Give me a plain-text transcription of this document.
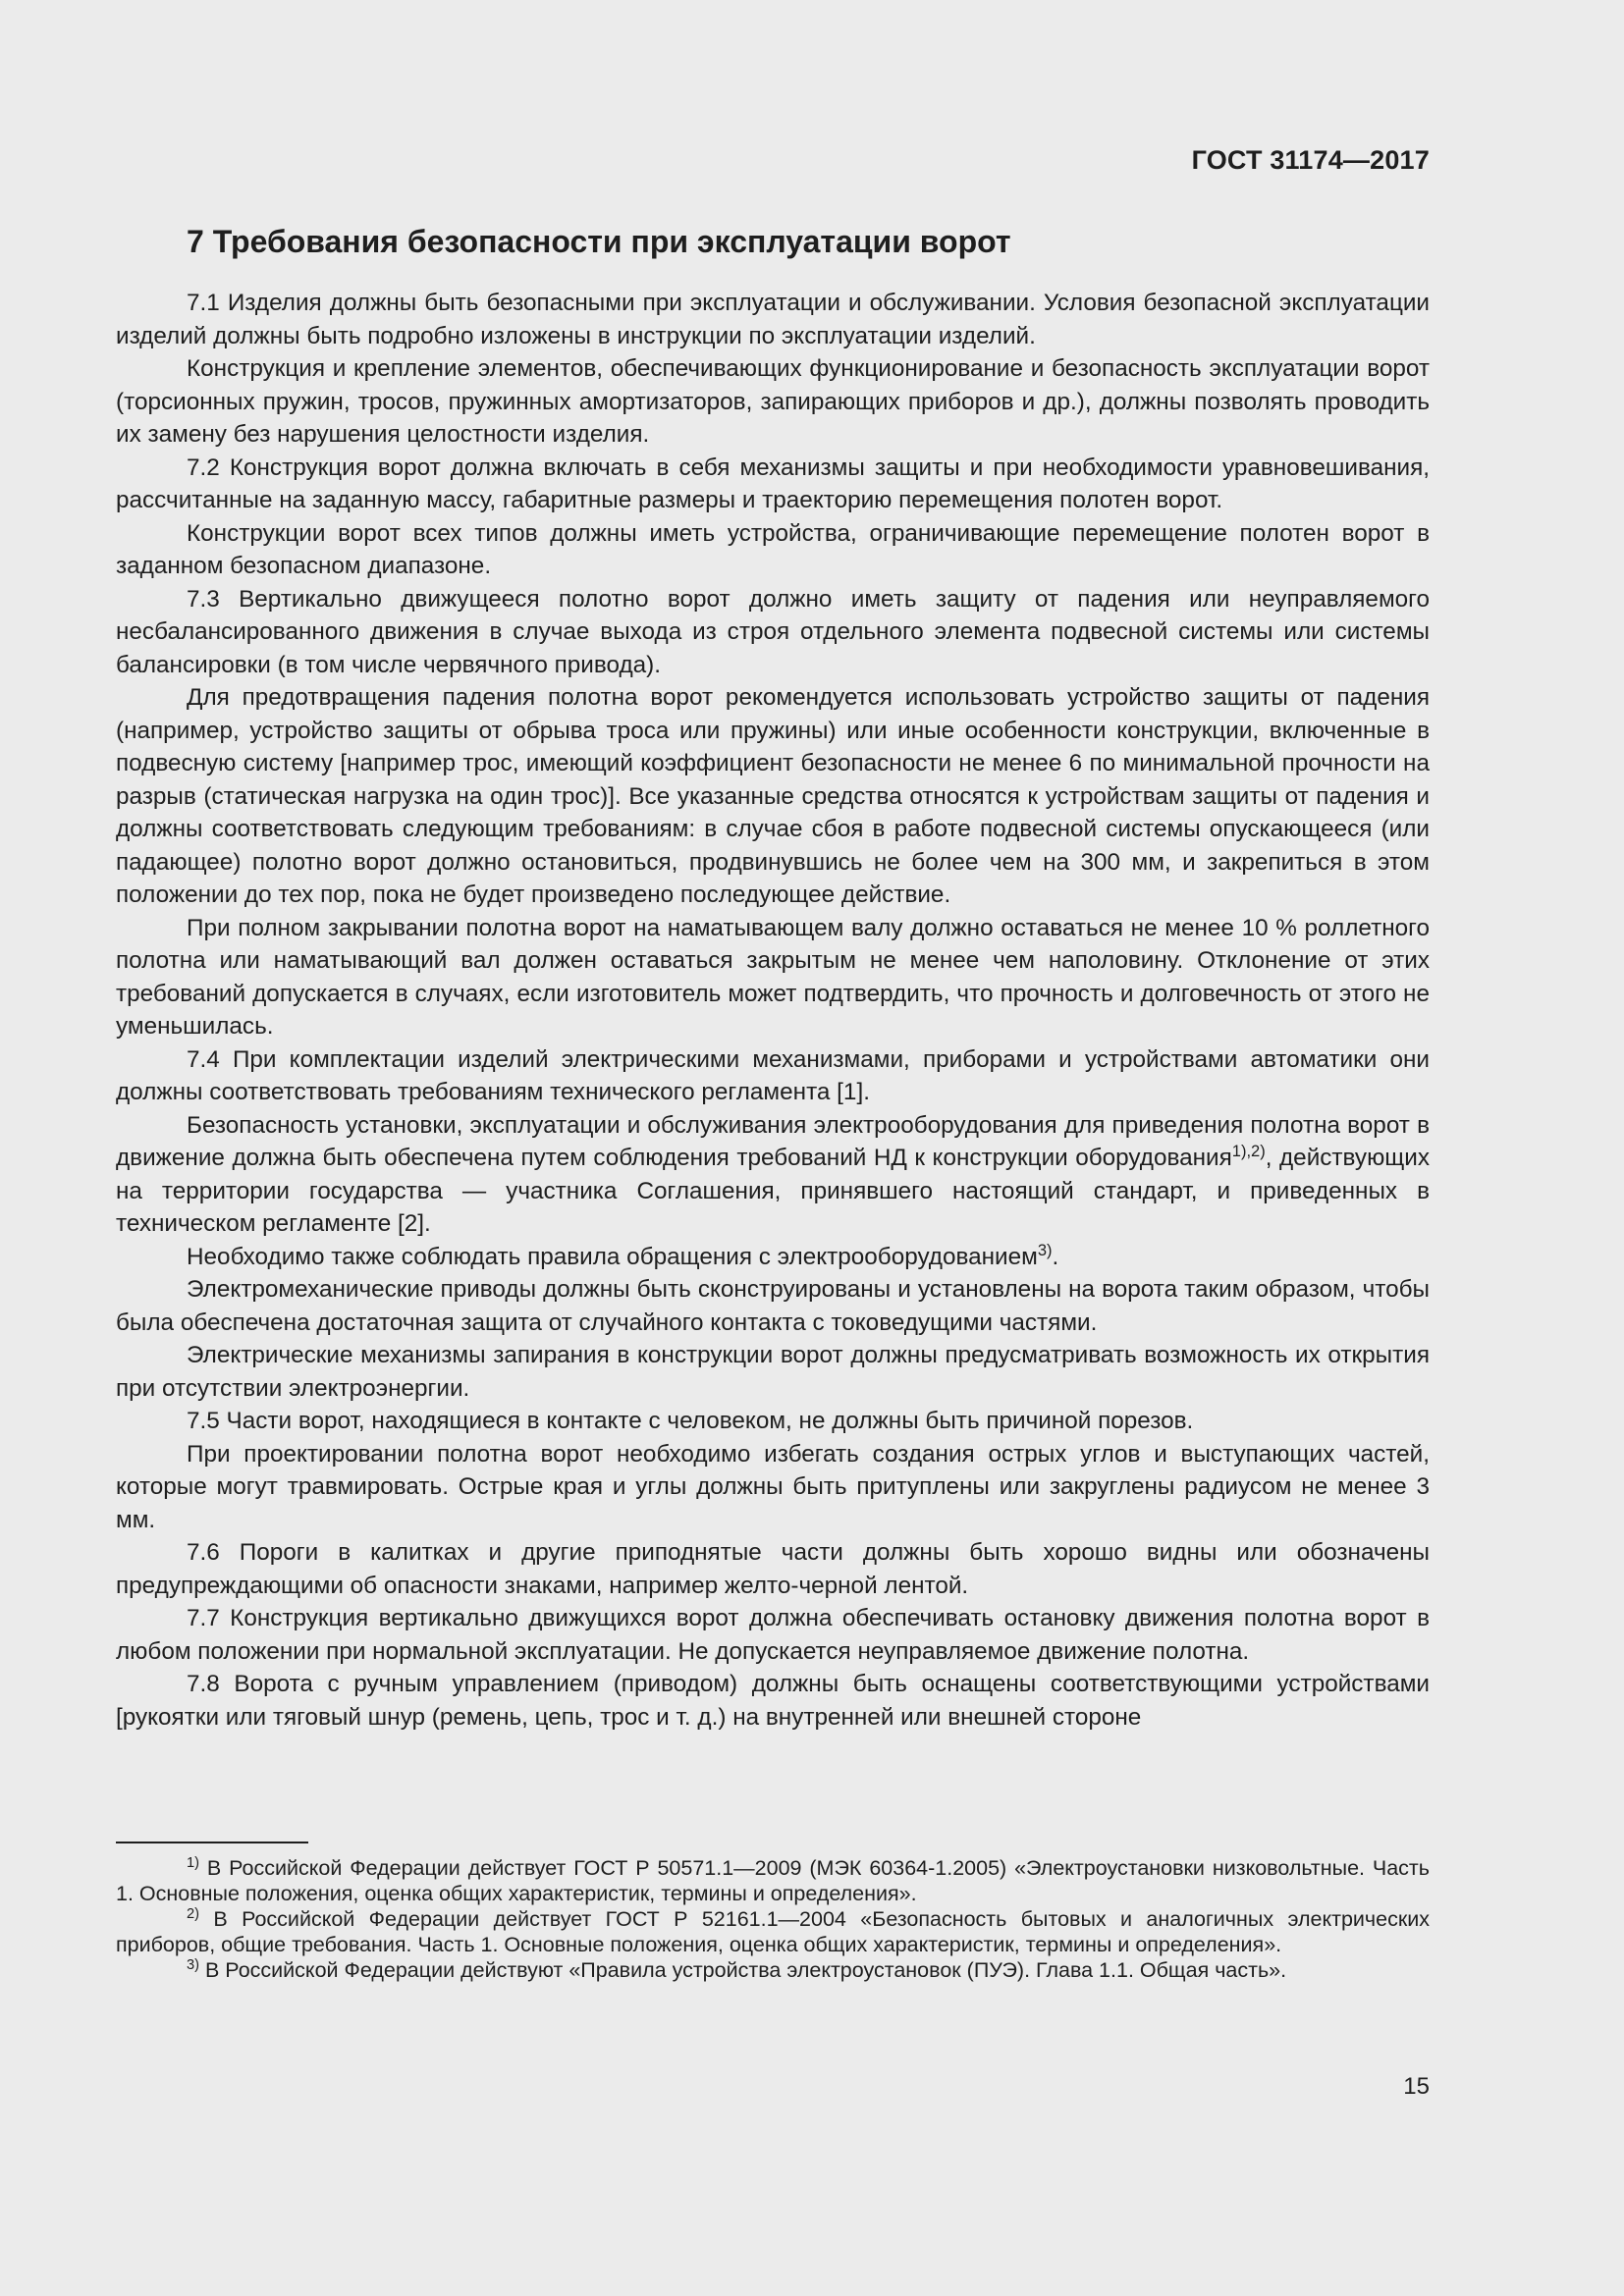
ГОСТ 31174—2017
7 Требования безопасности при эксплуатации ворот

7.1 Изделия должны быть безопасными при эксплуатации и обслуживании. Условия безопасной эксплуатации изделий должны быть подробно изложены в инструкции по эксплуатации изделий.

Конструкция и крепление элементов, обеспечивающих функционирование и безопасность эксплуатации ворот (торсионных пружин, тросов, пружинных амортизаторов, запирающих приборов и др.), должны позволять проводить их замену без нарушения целостности изделия.

7.2 Конструкция ворот должна включать в себя механизмы защиты и при необходимости уравновешивания, рассчитанные на заданную массу, габаритные размеры и траекторию перемещения полотен ворот.

Конструкции ворот всех типов должны иметь устройства, ограничивающие перемещение полотен ворот в заданном безопасном диапазоне.

7.3 Вертикально движущееся полотно ворот должно иметь защиту от падения или неуправляемого несбалансированного движения в случае выхода из строя отдельного элемента подвесной системы или системы балансировки (в том числе червячного привода).

Для предотвращения падения полотна ворот рекомендуется использовать устройство защиты от падения (например, устройство защиты от обрыва троса или пружины) или иные особенности конструкции, включенные в подвесную систему [например трос, имеющий коэффициент безопасности не менее 6 по минимальной прочности на разрыв (статическая нагрузка на один трос)]. Все указанные средства относятся к устройствам защиты от падения и должны соответствовать следующим требованиям: в случае сбоя в работе подвесной системы опускающееся (или падающее) полотно ворот должно остановиться, продвинувшись не более чем на 300 мм, и закрепиться в этом положении до тех пор, пока не будет произведено последующее действие.

При полном закрывании полотна ворот на наматывающем валу должно оставаться не менее 10 % роллетного полотна или наматывающий вал должен оставаться закрытым не менее чем наполовину. Отклонение от этих требований допускается в случаях, если изготовитель может подтвердить, что прочность и долговечность от этого не уменьшилась.

7.4 При комплектации изделий электрическими механизмами, приборами и устройствами автоматики они должны соответствовать требованиям технического регламента [1].

Безопасность установки, эксплуатации и обслуживания электрооборудования для приведения полотна ворот в движение должна быть обеспечена путем соблюдения требований НД к конструкции оборудования$^{1),2)}$, действующих на территории государства — участника Соглашения, принявшего настоящий стандарт, и приведенных в техническом регламенте [2].

Необходимо также соблюдать правила обращения с электрооборудованием$^{3)}$.

Электромеханические приводы должны быть сконструированы и установлены на ворота таким образом, чтобы была обеспечена достаточная защита от случайного контакта с токоведущими частями.

Электрические механизмы запирания в конструкции ворот должны предусматривать возможность их открытия при отсутствии электроэнергии.

7.5 Части ворот, находящиеся в контакте с человеком, не должны быть причиной порезов.

При проектировании полотна ворот необходимо избегать создания острых углов и выступающих частей, которые могут травмировать. Острые края и углы должны быть притуплены или закруглены радиусом не менее 3 мм.

7.6 Пороги в калитках и другие приподнятые части должны быть хорошо видны или обозначены предупреждающими об опасности знаками, например желто-черной лентой.

7.7 Конструкция вертикально движущихся ворот должна обеспечивать остановку движения полотна ворот в любом положении при нормальной эксплуатации. Не допускается неуправляемое движение полотна.

7.8 Ворота с ручным управлением (приводом) должны быть оснащены соответствующими устройствами [рукоятки или тяговый шнур (ремень, цепь, трос и т. д.) на внутренней или внешней стороне

$^{1)}$ В Российской Федерации действует ГОСТ Р 50571.1—2009 (МЭК 60364-1.2005) «Электроустановки низковольтные. Часть 1. Основные положения, оценка общих характеристик, термины и определения».

$^{2)}$ В Российской Федерации действует ГОСТ Р 52161.1—2004 «Безопасность бытовых и аналогичных электрических приборов, общие требования. Часть 1. Основные положения, оценка общих характеристик, термины и определения».

$^{3)}$ В Российской Федерации действуют «Правила устройства электроустановок (ПУЭ). Глава 1.1. Общая часть».

15
